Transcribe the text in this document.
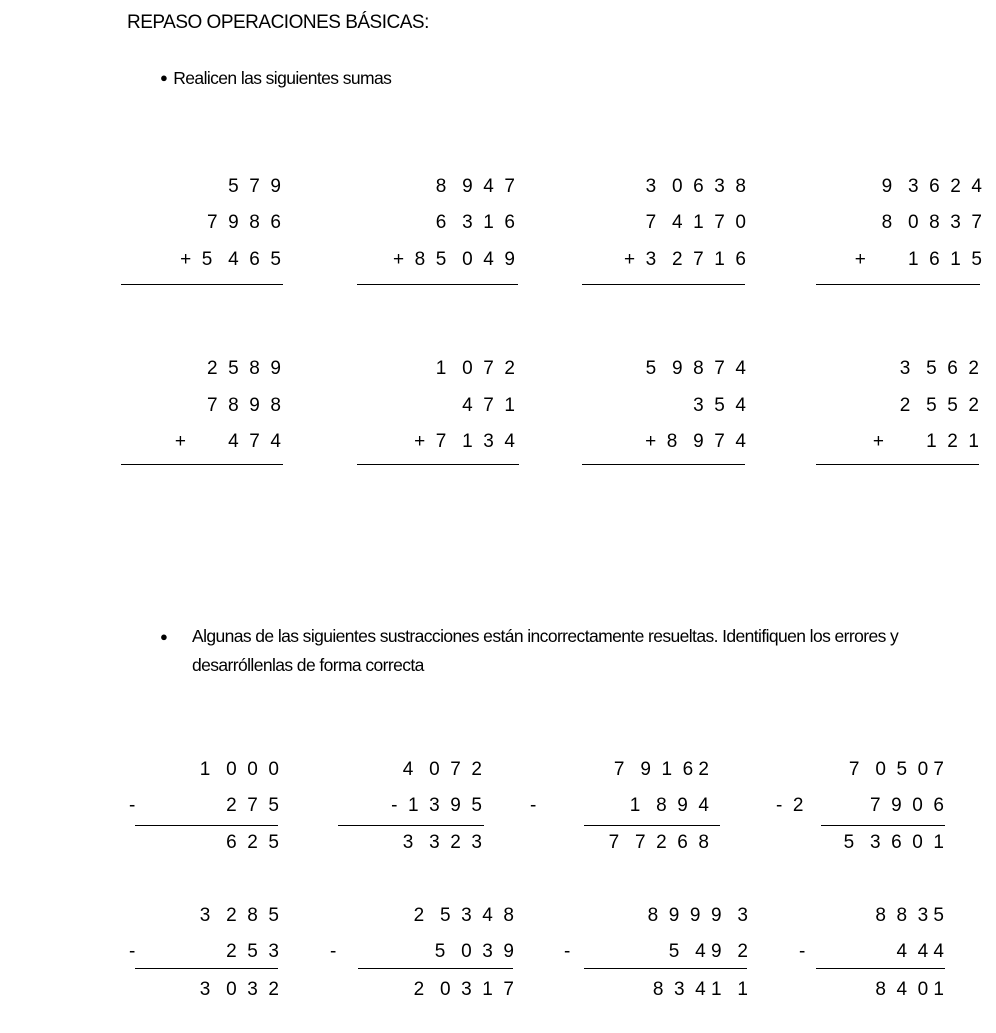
REPASO OPERACIONES BÁSICAS:
● Realicen las siguientes sumas
5  7  9
7  9  8  6
+  5   4  6  5
8   9  4  7
6   3  1  6
+  8  5   0  4  9
3   0  6  3  8
7   4  1  7  0
+  3   2  7  1  6
9   3  6  2  4
8   0  8  3  7
+        1  6  1  5
2  5  8  9
7  8  9  8
+        4  7  4
1   0  7  2
4  7  1
+  7   1  3  4
5   9  8  7  4
3  5  4
+  8   9  7  4
3   5  6  2
2   5  5  2
+        1  2  1
● Algunas de las siguientes sustracciones están incorrectamente resueltas. Identifiquen los errores y desarróllenlas de forma correcta
1   0  0  0
-	2  7  5
6  2  5
4   0  7  2
-  1  3  9  5
3   3  2  3
7   9  1  6 2
-	1   8  9  4
7   7  2  6  8
7   0  5  0 7
-  2	7  9  0  6
5   3  6  0  1
3   2  8  5
-	2  5  3
3   0  3  2
2   5  3  4  8
-	5   0  3  9
2   0  3  1  7
8  9  9  9   3
-	5   4 9   2
8  3  4 1   1
8  8  3 5
-	4  4 4
8  4  0 1
